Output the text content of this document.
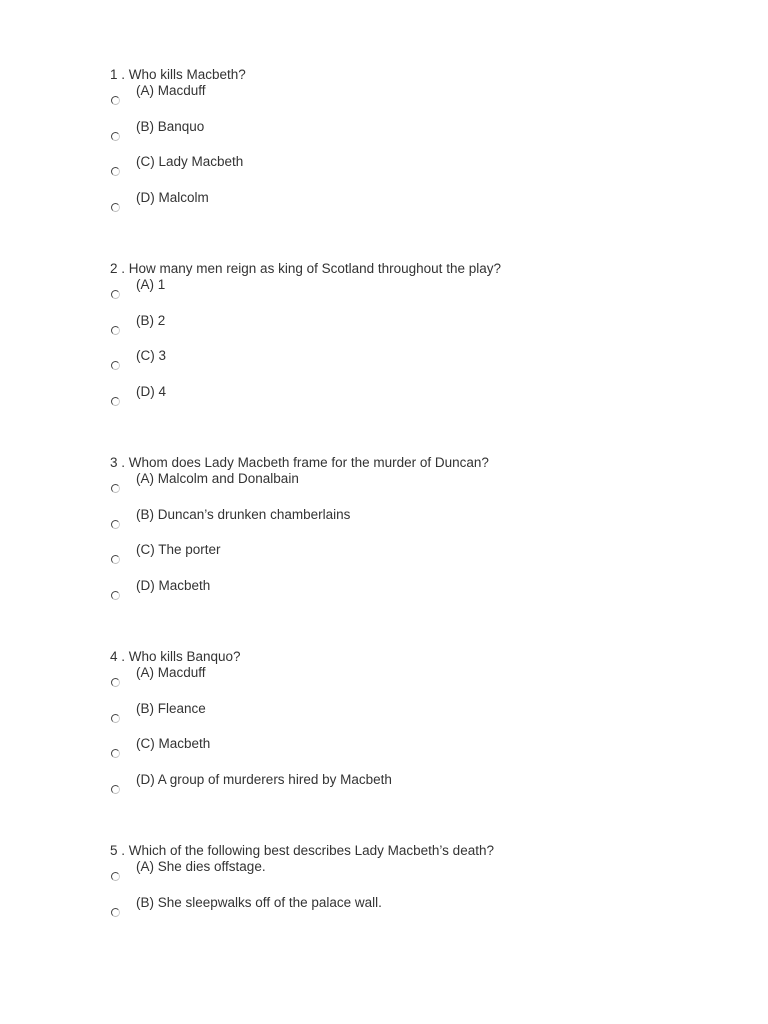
1 . Who kills Macbeth?

(A) Macduff
(B) Banquo
(C) Lady Macbeth
(D) Malcolm

2 . How many men reign as king of Scotland throughout the play?

(A) 1
(B) 2
(C) 3
(D) 4

3 . Whom does Lady Macbeth frame for the murder of Duncan?

(A) Malcolm and Donalbain
(B) Duncan’s drunken chamberlains
(C) The porter
(D) Macbeth

4 . Who kills Banquo?

(A) Macduff
(B) Fleance
(C) Macbeth
(D) A group of murderers hired by Macbeth

5 . Which of the following best describes Lady Macbeth’s death?

(A) She dies offstage.
(B) She sleepwalks off of the palace wall.
